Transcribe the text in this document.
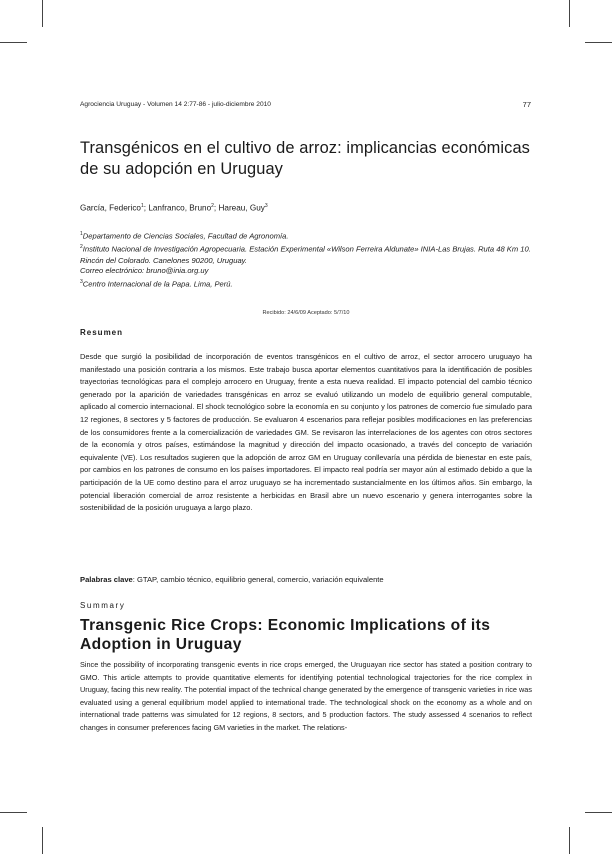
Agrociencia Uruguay - Volumen 14 2:77-86 - julio-diciembre 2010	77
Transgénicos en el cultivo de arroz: implicancias económicas de su adopción en Uruguay
García, Federico$^1$; Lanfranco, Bruno$^2$; Hareau, Guy$^3$
$^1$Departamento de Ciencias Sociales, Facultad de Agronomía.
$^2$Instituto Nacional de Investigación Agropecuaria. Estación Experimental «Wilson Ferreira Aldunate» INIA-Las Brujas. Ruta 48 Km 10. Rincón del Colorado. Canelones 90200, Uruguay.
Correo electrónico: bruno@inia.org.uy
$^3$Centro Internacional de la Papa. Lima, Perú.
Recibido: 24/6/09 Aceptado: 5/7/10
Resumen

Desde que surgió la posibilidad de incorporación de eventos transgénicos en el cultivo de arroz, el sector arrocero uruguayo ha manifestado una posición contraria a los mismos. Este trabajo busca aportar elementos cuantitativos para la identificación de posibles trayectorias tecnológicas para el complejo arrocero en Uruguay, frente a esta nueva realidad. El impacto potencial del cambio técnico generado por la aparición de variedades transgénicas en arroz se evaluó utilizando un modelo de equilibrio general computable, aplicado al comercio internacional. El shock tecnológico sobre la economía en su conjunto y los patrones de comercio fue simulado para 12 regiones, 8 sectores y 5 factores de producción. Se evaluaron 4 escenarios para reflejar posibles modificaciones en las preferencias de los consumidores frente a la comercialización de variedades GM. Se revisaron las interrelaciones de los agentes con otros sectores de la economía y otros países, estimándose la magnitud y dirección del impacto ocasionado, a través del concepto de variación equivalente (VE). Los resultados sugieren que la adopción de arroz GM en Uruguay conllevaría una pérdida de bienestar en este país, por cambios en los patrones de consumo en los países importadores. El impacto real podría ser mayor aún al estimado debido a que la participación de la UE como destino para el arroz uruguayo se ha incrementado sustancialmente en los últimos años. Sin embargo, la potencial liberación comercial de arroz resistente a herbicidas en Brasil abre un nuevo escenario y genera interrogantes sobre la sostenibilidad de la posición uruguaya a largo plazo.

Palabras clave: GTAP, cambio técnico, equilibrio general, comercio, variación equivalente
Summary
Transgenic Rice Crops: Economic Implications of its Adoption in Uruguay

Since the possibility of incorporating transgenic events in rice crops emerged, the Uruguayan rice sector has stated a position contrary to GMO. This article attempts to provide quantitative elements for identifying potential technological trajectories for the rice complex in Uruguay, facing this new reality. The potential impact of the technical change generated by the emergence of transgenic varieties in rice was evaluated using a general equilibrium model applied to international trade. The technological shock on the economy as a whole and on international trade patterns was simulated for 12 regions, 8 sectors, and 5 production factors. The study assessed 4 scenarios to reflect changes in consumer preferences facing GM varieties in the market. The relations-
